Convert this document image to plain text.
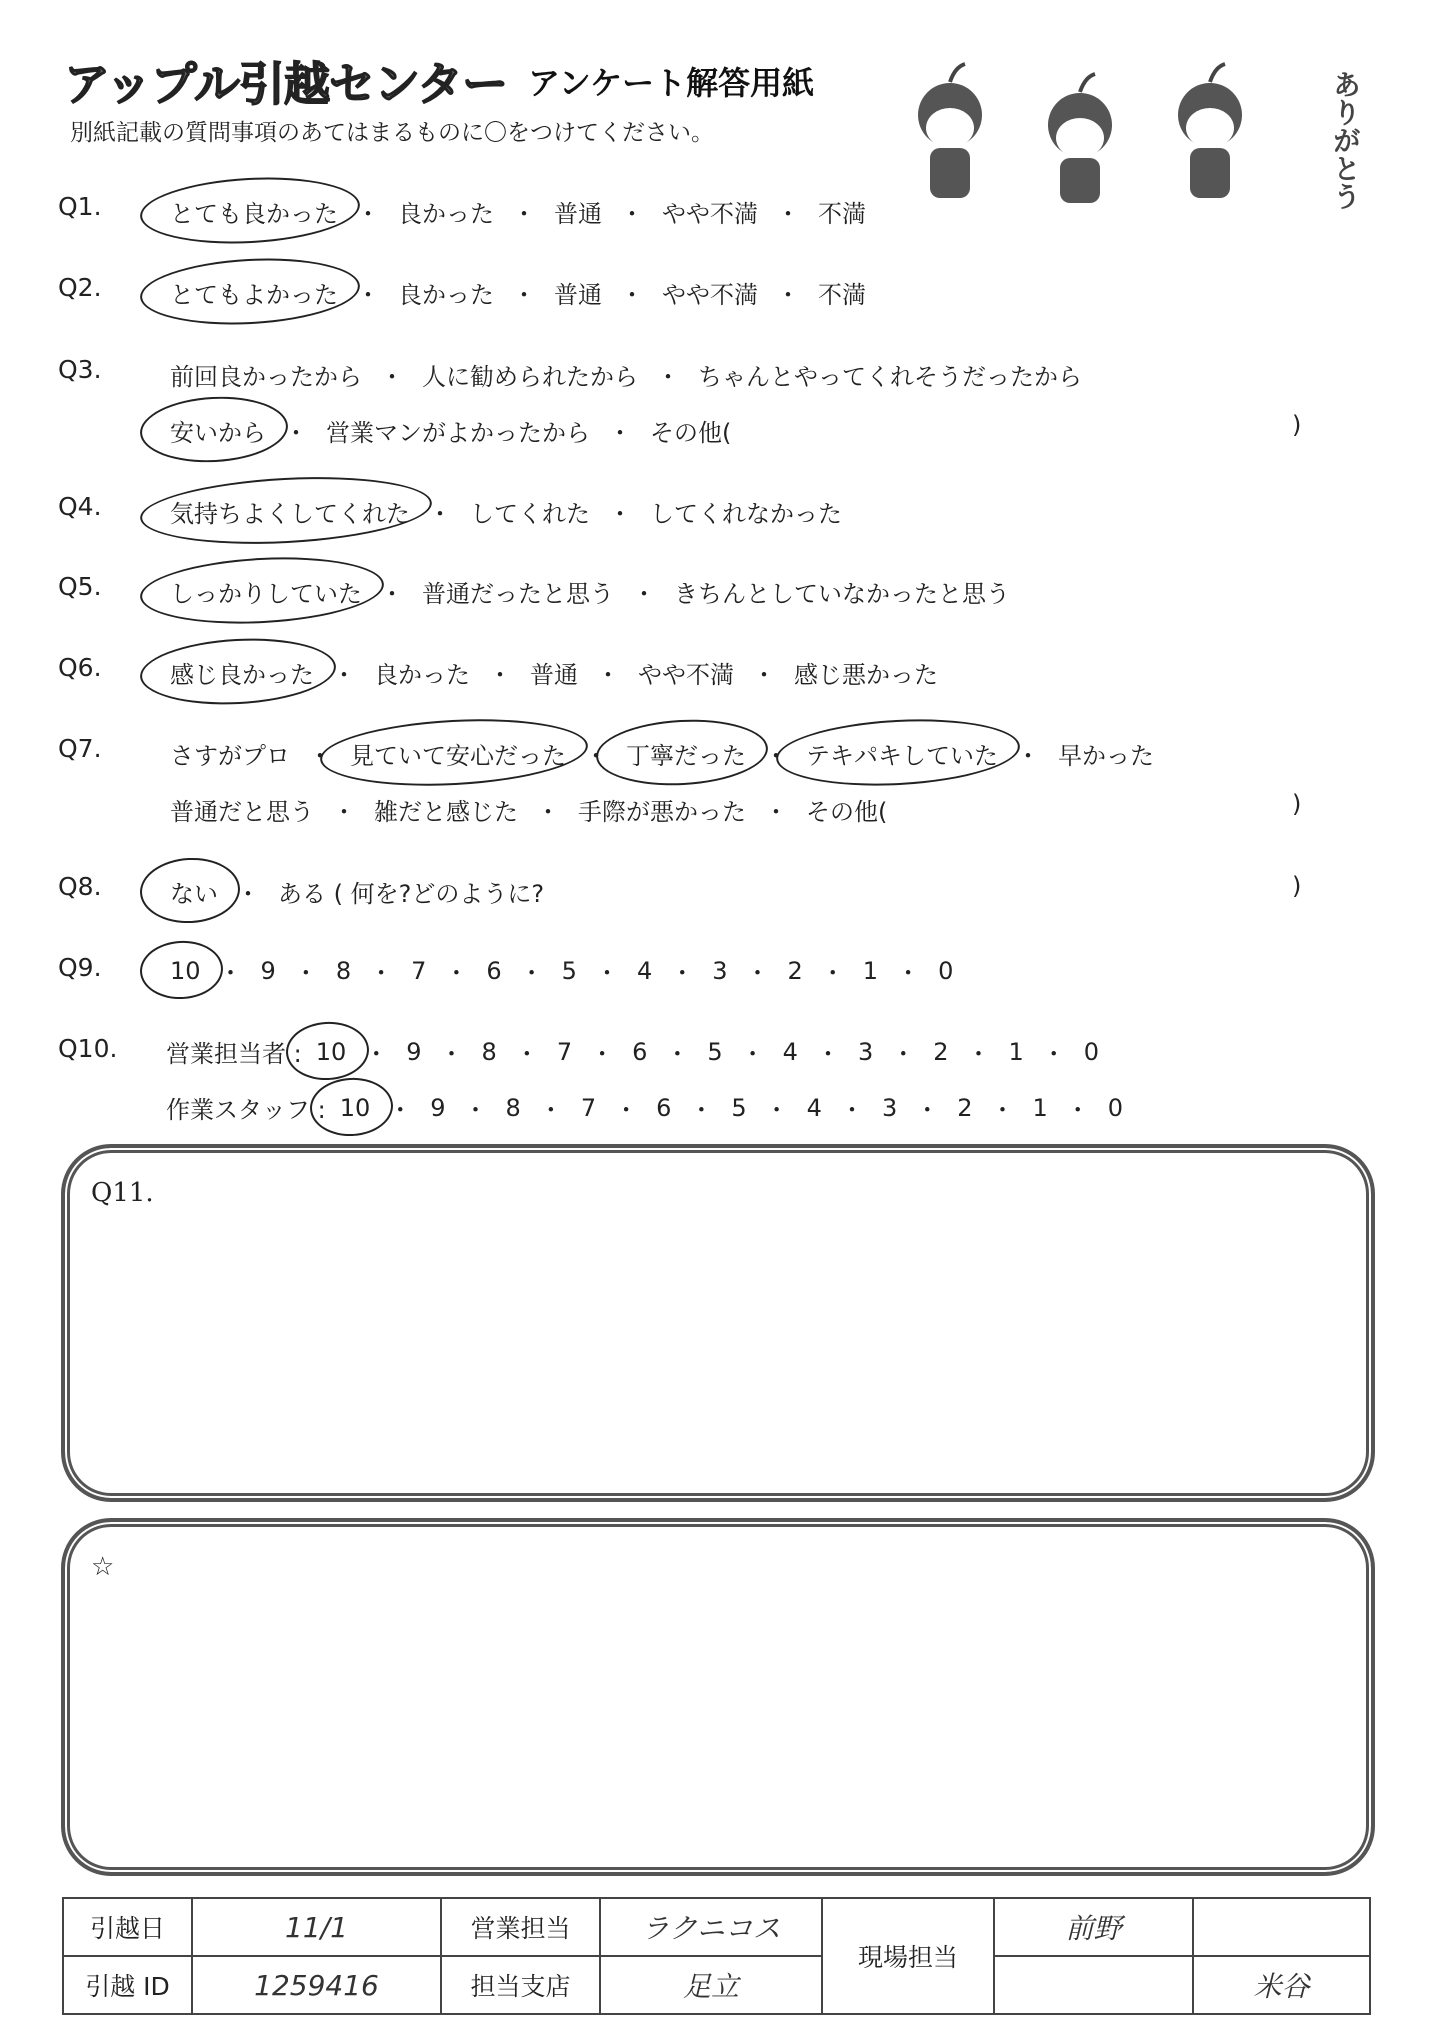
アップル引越センター アンケート解答用紙
別紙記載の質問事項のあてはまるものに〇をつけてください。	ありがとう
Q1.	とても良かった ・ 良かった ・ 普通 ・ やや不満 ・ 不満
Q2.	とてもよかった ・ 良かった ・ 普通 ・ やや不満 ・ 不満
Q3.	前回良かったから ・ 人に勧められたから ・ ちゃんとやってくれそうだったから
安いから ・ 営業マンがよかったから ・ その他(	)
Q4.	気持ちよくしてくれた ・ してくれた ・ してくれなかった
Q5.	しっかりしていた ・ 普通だったと思う ・ きちんとしていなかったと思う
Q6.	感じ良かった ・ 良かった ・ 普通 ・ やや不満 ・ 感じ悪かった
Q7.	さすがプロ ・ 見ていて安心だった ・ 丁寧だった ・ テキパキしていた ・ 早かった
普通だと思う ・ 雑だと感じた ・ 手際が悪かった ・ その他(	)
Q8.	ない ・ ある ( 何を?どのように?	)
Q9.	10 ・ 9 ・ 8 ・ 7 ・ 6 ・ 5 ・ 4 ・ 3 ・ 2 ・ 1 ・ 0
Q10. 営業担当者 : 10 ・ 9 ・ 8 ・ 7 ・ 6 ・ 5 ・ 4 ・ 3 ・ 2 ・ 1 ・ 0
作業スタッフ : 10 ・ 9 ・ 8 ・ 7 ・ 6 ・ 5 ・ 4 ・ 3 ・ 2 ・ 1 ・ 0
Q11.
☆
引越日	11/1	営業担当	ラクニコス	現場担当	前野	
引越 ID	1259416	担当支店	足立			米谷
